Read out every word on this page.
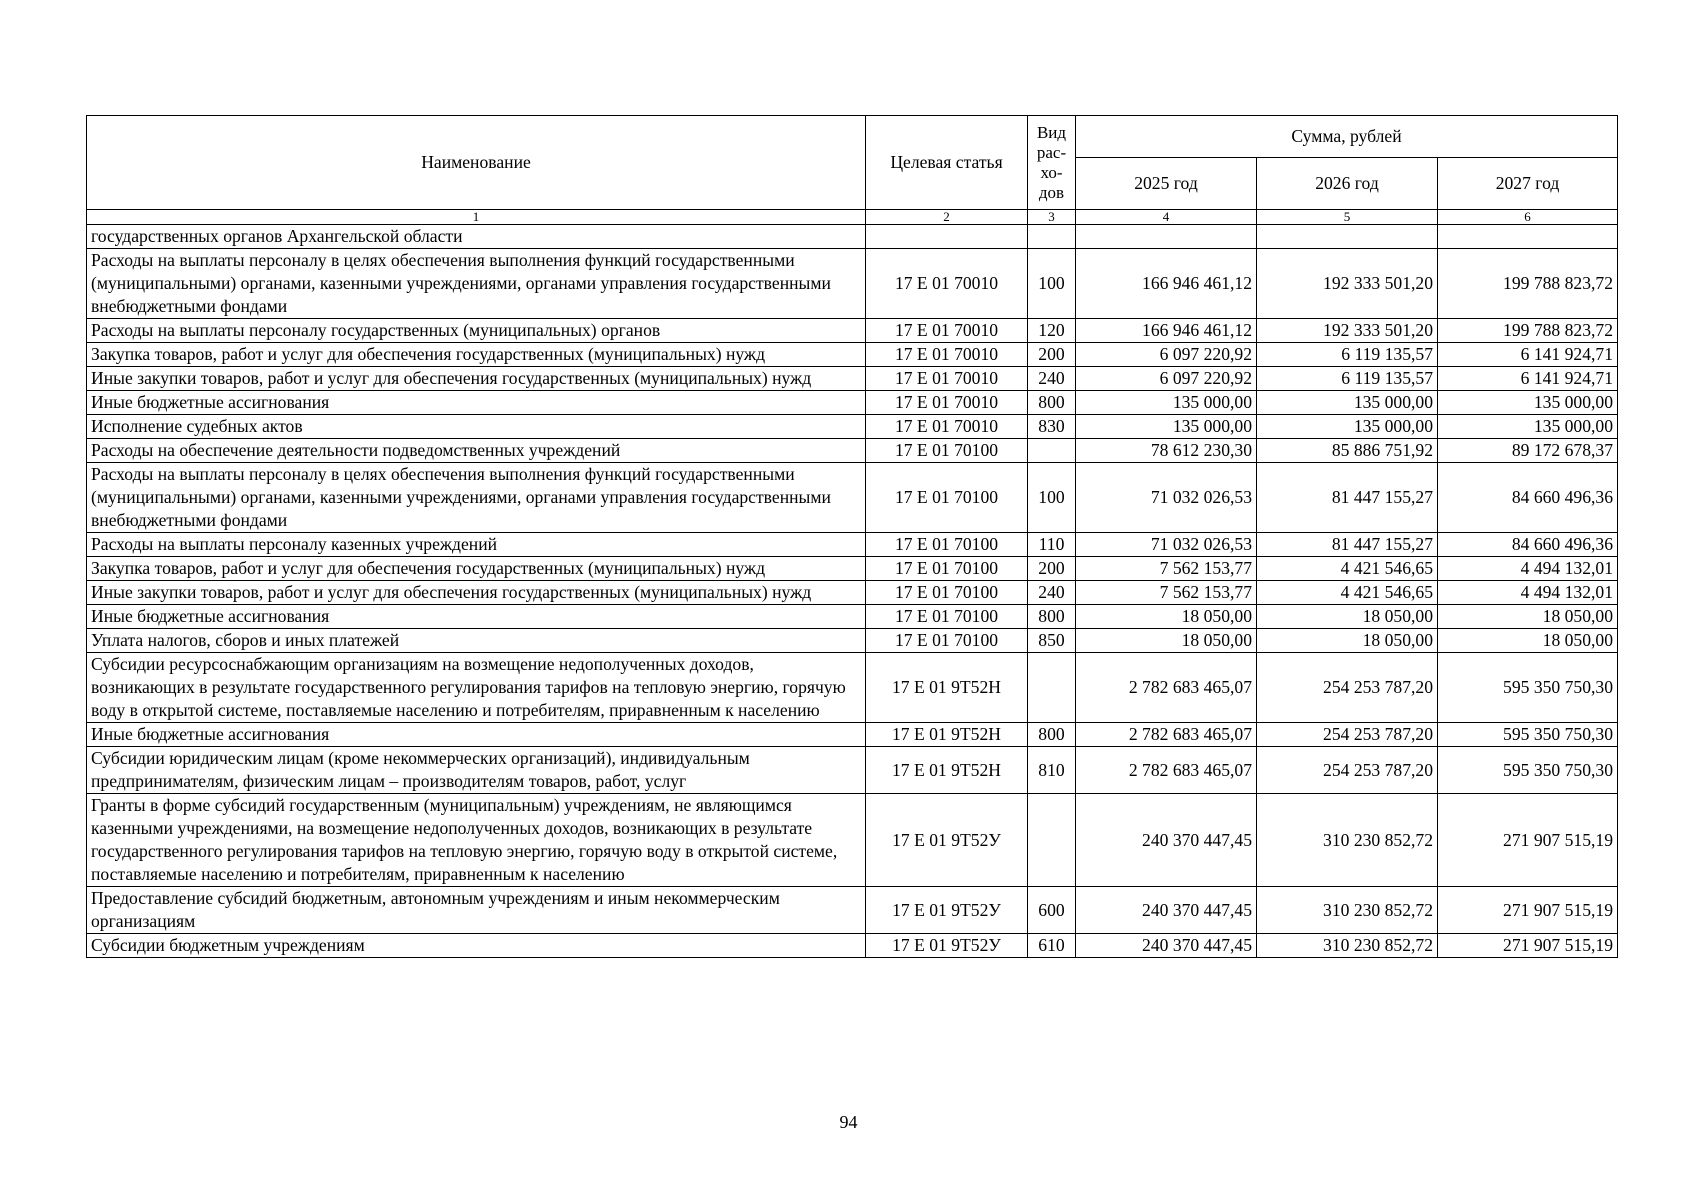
Наименование	Целевая статья	Вид рас-хо-дов	Сумма, рублей		
			2025 год	2026 год	2027 год
1	2	3	4	5	6
государственных органов Архангельской области					
Расходы на выплаты персоналу в целях обеспечения выполнения функций государственными (муниципальными) органами, казенными учреждениями, органами управления государственными внебюджетными фондами	17 Е 01 70010	100	166 946 461,12	192 333 501,20	199 788 823,72
Расходы на выплаты персоналу государственных (муниципальных) органов	17 Е 01 70010	120	166 946 461,12	192 333 501,20	199 788 823,72
Закупка товаров, работ и услуг для обеспечения государственных (муниципальных) нужд	17 Е 01 70010	200	6 097 220,92	6 119 135,57	6 141 924,71
Иные закупки товаров, работ и услуг для обеспечения государственных (муниципальных) нужд	17 Е 01 70010	240	6 097 220,92	6 119 135,57	6 141 924,71
Иные бюджетные ассигнования	17 Е 01 70010	800	135 000,00	135 000,00	135 000,00
Исполнение судебных актов	17 Е 01 70010	830	135 000,00	135 000,00	135 000,00
Расходы на обеспечение деятельности подведомственных учреждений	17 Е 01 70100		78 612 230,30	85 886 751,92	89 172 678,37
Расходы на выплаты персоналу в целях обеспечения выполнения функций государственными (муниципальными) органами, казенными учреждениями, органами управления государственными внебюджетными фондами	17 Е 01 70100	100	71 032 026,53	81 447 155,27	84 660 496,36
Расходы на выплаты персоналу казенных учреждений	17 Е 01 70100	110	71 032 026,53	81 447 155,27	84 660 496,36
Закупка товаров, работ и услуг для обеспечения государственных (муниципальных) нужд	17 Е 01 70100	200	7 562 153,77	4 421 546,65	4 494 132,01
Иные закупки товаров, работ и услуг для обеспечения государственных (муниципальных) нужд	17 Е 01 70100	240	7 562 153,77	4 421 546,65	4 494 132,01
Иные бюджетные ассигнования	17 Е 01 70100	800	18 050,00	18 050,00	18 050,00
Уплата налогов, сборов и иных платежей	17 Е 01 70100	850	18 050,00	18 050,00	18 050,00
Субсидии ресурсоснабжающим организациям на возмещение недополученных доходов, возникающих в результате государственного регулирования тарифов на тепловую энергию, горячую воду в открытой системе, поставляемые населению и потребителям, приравненным к населению	17 Е 01 9Т52Н		2 782 683 465,07	254 253 787,20	595 350 750,30
Иные бюджетные ассигнования	17 Е 01 9Т52Н	800	2 782 683 465,07	254 253 787,20	595 350 750,30
Субсидии юридическим лицам (кроме некоммерческих организаций), индивидуальным предпринимателям, физическим лицам – производителям товаров, работ, услуг	17 Е 01 9Т52Н	810	2 782 683 465,07	254 253 787,20	595 350 750,30
Гранты в форме субсидий государственным (муниципальным) учреждениям, не являющимся казенными учреждениями, на возмещение недополученных доходов, возникающих в результате государственного регулирования тарифов на тепловую энергию, горячую воду в открытой системе, поставляемые населению и потребителям, приравненным к населению	17 Е 01 9Т52У		240 370 447,45	310 230 852,72	271 907 515,19
Предоставление субсидий бюджетным, автономным учреждениям и иным некоммерческим организациям	17 Е 01 9Т52У	600	240 370 447,45	310 230 852,72	271 907 515,19
Субсидии бюджетным учреждениям	17 Е 01 9Т52У	610	240 370 447,45	310 230 852,72	271 907 515,19
94
